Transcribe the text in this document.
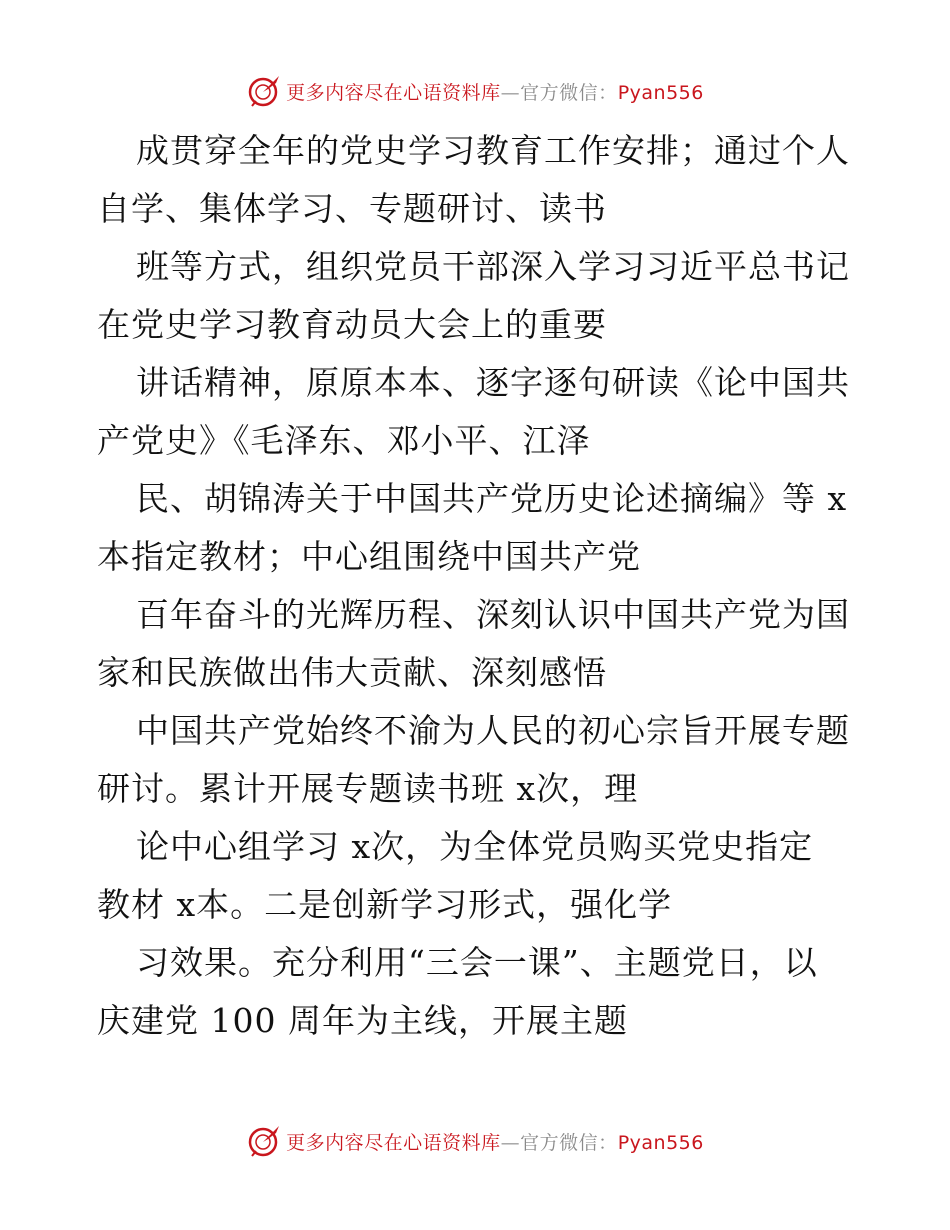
更多内容尽在心语资料库—官方微信：Pyan556
成贯穿全年的党史学习教育工作安排；通过个人
自学、集体学习、专题研讨、读书
班等方式，组织党员干部深入学习习近平总书记
在党史学习教育动员大会上的重要
讲话精神，原原本本、逐字逐句研读《论中国共
产党史》《毛泽东、邓小平、江泽
民、胡锦涛关于中国共产党历史论述摘编》等 x
本指定教材；中心组围绕中国共产党
百年奋斗的光辉历程、深刻认识中国共产党为国
家和民族做出伟大贡献、深刻感悟
中国共产党始终不渝为人民的初心宗旨开展专题
研讨。累计开展专题读书班 x次，理
论中心组学习 x次，为全体党员购买党史指定
教材 x本。二是创新学习形式，强化学
习效果。充分利用“三会一课”、主题党日，以
庆建党 100 周年为主线，开展主题
更多内容尽在心语资料库—官方微信：Pyan556
